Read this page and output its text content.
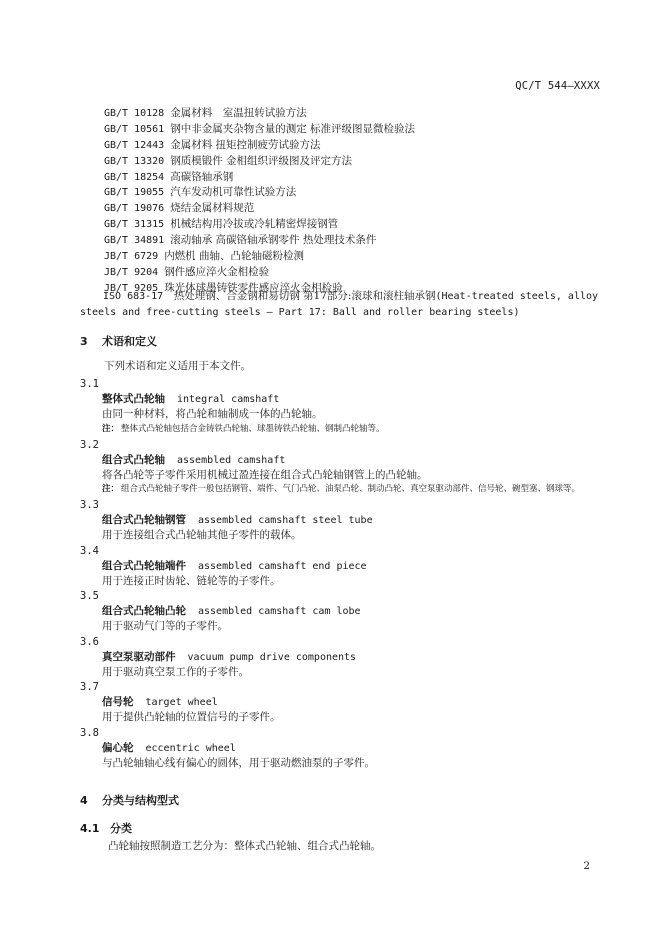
QC/T 544—XXXX
GB/T 10128 金属材料　室温扭转试验方法
GB/T 10561 钢中非金属夹杂物含量的测定 标准评级图显微检验法
GB/T 12443 金属材料 扭矩控制疲劳试验方法
GB/T 13320 钢质模锻件 金相组织评级图及评定方法
GB/T 18254 高碳铬轴承钢
GB/T 19055 汽车发动机可靠性试验方法
GB/T 19076 烧结金属材料规范
GB/T 31315 机械结构用冷拔或冷轧精密焊接钢管
GB/T 34891 滚动轴承 高碳铬轴承钢零件 热处理技术条件
JB/T 6729 内燃机 曲轴、凸轮轴磁粉检测
JB/T 9204 钢件感应淬火金相检验
JB/T 9205 珠光体球墨铸铁零件感应淬火金相检验
ISO 683-17　 热处理钢、合金钢和易切钢 第17部分:滚球和滚柱轴承钢(Heat-treated steels, alloy steels and free-cutting steels — Part 17: Ball and roller bearing steels)
3 术语和定义
下列术语和定义适用于本文件。
3.1
整体式凸轮轴 integral camshaft
由同一种材料，将凸轮和轴制成一体的凸轮轴。
注： 整体式凸轮轴包括合金铸铁凸轮轴、球墨铸铁凸轮轴、钢制凸轮轴等。
3.2
组合式凸轮轴 assembled camshaft
将各凸轮等子零件采用机械过盈连接在组合式凸轮轴钢管上的凸轮轴。
注： 组合式凸轮轴子零件一般包括钢管、端件、气门凸轮、油泵凸轮、制动凸轮、真空泵驱动部件、信号轮、碗型塞、钢球等。
3.3
组合式凸轮轴钢管 assembled camshaft steel tube
用于连接组合式凸轮轴其他子零件的载体。
3.4
组合式凸轮轴端件 assembled camshaft end piece
用于连接正时齿轮、链轮等的子零件。
3.5
组合式凸轮轴凸轮 assembled camshaft cam lobe
用于驱动气门等的子零件。
3.6
真空泵驱动部件 vacuum pump drive components
用于驱动真空泵工作的子零件。
3.7
信号轮 target wheel
用于提供凸轮轴的位置信号的子零件。
3.8
偏心轮 eccentric wheel
与凸轮轴轴心线有偏心的圆体，用于驱动燃油泵的子零件。
4 分类与结构型式
4.1 分类
凸轮轴按照制造工艺分为：整体式凸轮轴、组合式凸轮轴。
2
